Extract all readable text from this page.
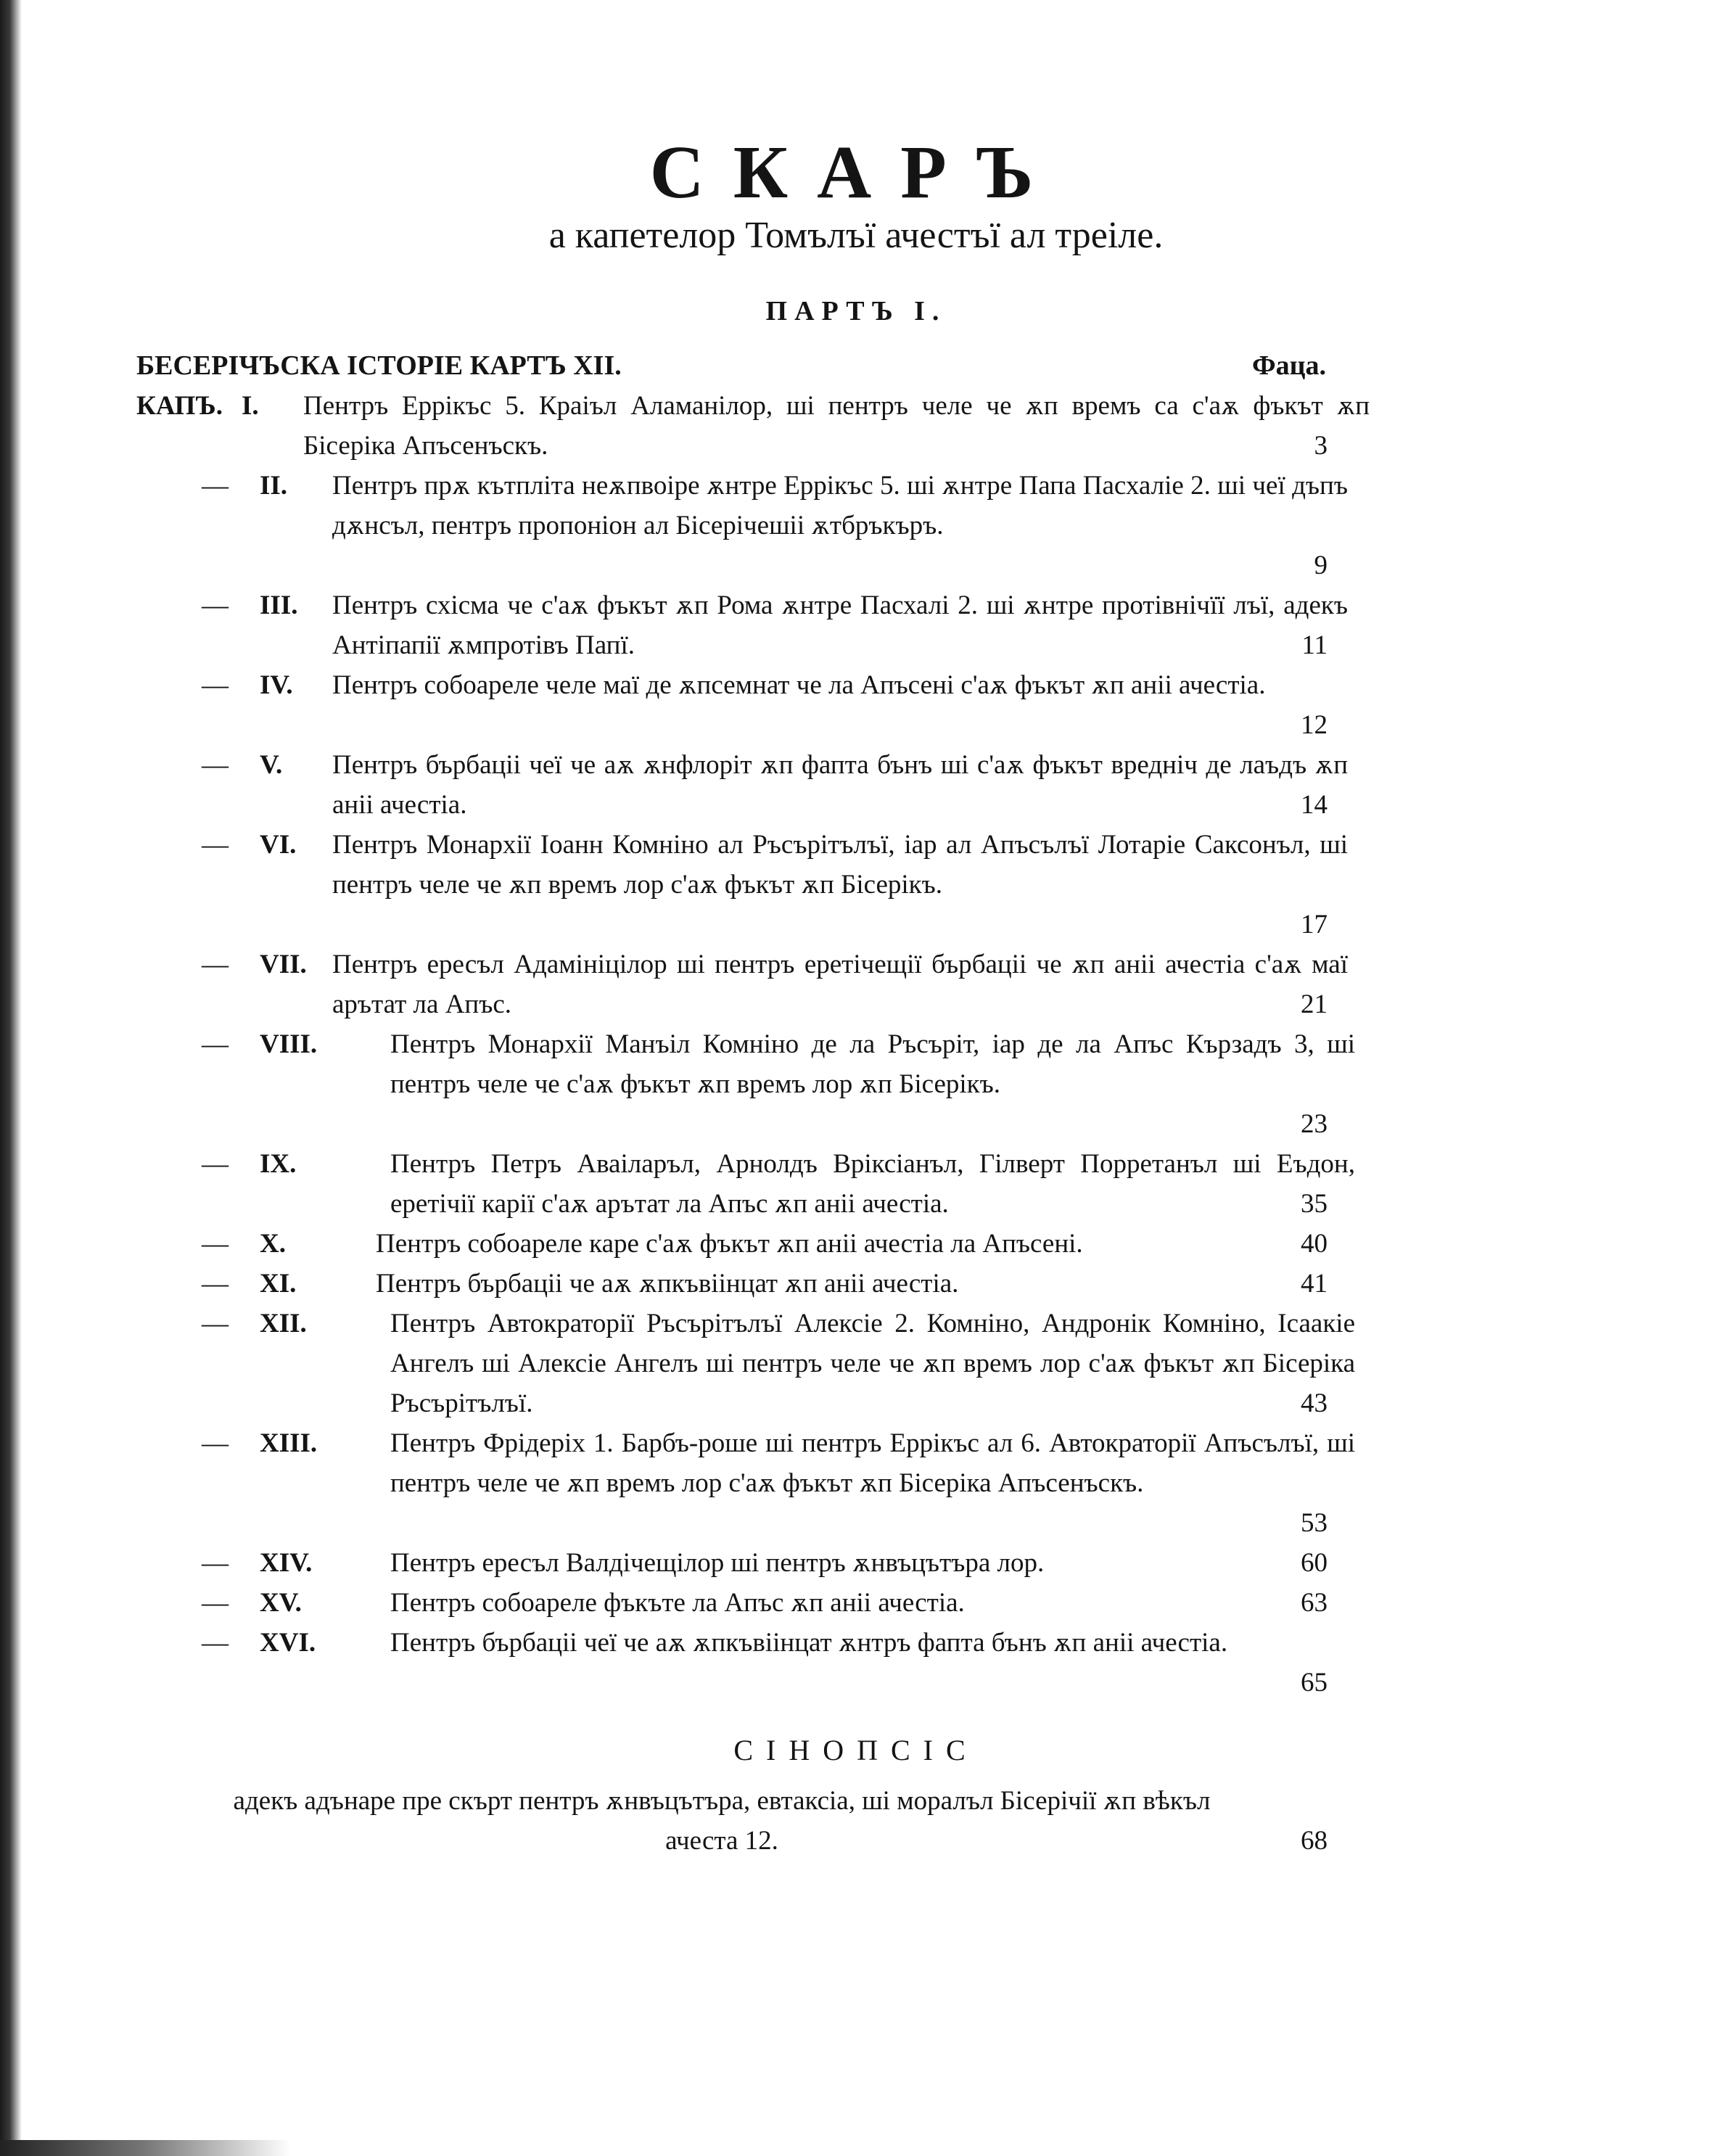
СКАРЪ
а капетелор Томълъї ачестъї ал треіле.
ПАРТЪ І.
БЕСЕРІЧЪСКА ІСТОРІЕ КАРТЪ XII.	Фаца.
КАПЪ. I. Пентръ Еррікъс 5. Краіъл Аламанілор, ші пентръ челе че ѫп времъ са с'аѫ фъкът ѫп Бісеріка Апъсенъскъ.	3
— II. Пентръ прѫ кътпліта неѫпвоіре ѫнтре Еррікъс 5. ші ѫнтре Папа Пасхаліе 2. ші чеї дъпъ дѫнсъл, пентръ пропоніон ал Бісерічешіі ѫтбръкъръ.
9
— III. Пентръ схісма че с'аѫ фъкът ѫп Рома ѫнтре Пасхалі 2. ші ѫнтре протівнічїї лъї, адекъ Антіпапії ѫмпротівъ Папї.	11
— IV. Пентръ собоареле челе маї де ѫпсемнат че ла Апъсені с'аѫ фъкът ѫп аніі ачестіа.
12
— V. Пентръ бърбаціі чеї че аѫ ѫнфлоріт ѫп фапта бънъ ші с'аѫ фъкът вредніч де лаъдъ ѫп аніі ачестіа.	14
— VI. Пентръ Монархії Іоанн Комніно ал Ръсърітълъї, іар ал Апъсълъї Лотаріе Саксонъл, ші пентръ челе че ѫп времъ лор с'аѫ фъкът ѫп Бісерікъ.
17
— VII. Пентръ ересъл Адамініцілор ші пентръ еретічещії бърбаціі че ѫп аніі ачестіа с'аѫ маї арътат ла Апъс.	21
— VIII.	Пентръ Монархії Манъіл Комніно де ла Ръсъріт, іар де ла Апъс Кързадъ 3, ші пентръ челе че с'аѫ фъкът ѫп времъ лор ѫп Бісерікъ.
23
— IX.	Пентръ Петръ Аваіларъл, Арнолдъ Вріксіанъл, Гілверт Порретанъл ші Еъдон, еретічії карії с'аѫ арътат ла Апъс ѫп аніі ачестіа.	35
— X.	Пентръ собоареле каре с'аѫ фъкът ѫп аніі ачестіа ла Апъсені.	40
— XI.	Пентръ бърбаціі че аѫ ѫпкъвіінцат ѫп аніі ачестіа.	41
— XII.	Пентръ Автократорії Ръсърітълъї Алексіе 2. Комніно, Андронік Комніно, Ісаакіе Ангелъ ші Алексіе Ангелъ ші пентръ челе че ѫп времъ лор с'аѫ фъкът ѫп Бісеріка Ръсърітълъї.	43
— XIII.	Пентръ Фрідеріх 1. Барбъ-роше ші пентръ Еррікъс ал 6. Автократорії Апъсълъї, ші пентръ челе че ѫп времъ лор с'аѫ фъкът ѫп Бісеріка Апъсенъскъ.
53
— XIV.	Пентръ ересъл Валдічещілор ші пентръ ѫнвъцътъра лор.	60
— XV.	Пентръ собоареле фъкъте ла Апъс ѫп аніі ачестіа.	63
— XVI.	Пентръ бърбаціі чеї че аѫ ѫпкъвіінцат ѫнтръ фапта бънъ ѫп аніі ачестіа.
65
СІНОПСІС
адекъ адънаре пре скърт пентръ ѫнвъцътъра, евтаксіа, ші моралъл Бісерічії ѫп вѣкъл ачеста 12.	68
